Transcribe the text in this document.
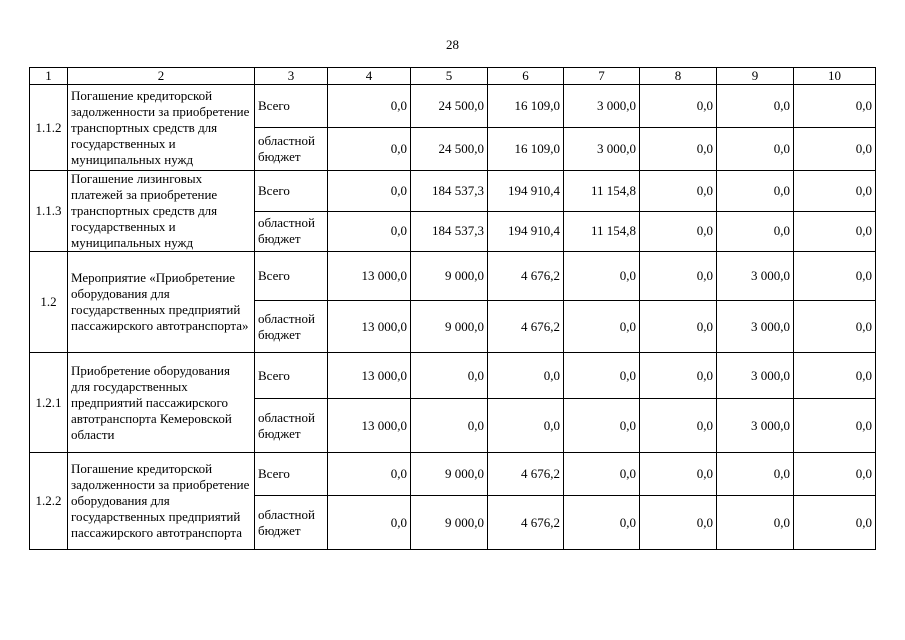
28
1	2	3	4	5	6	7	8	9	10
1.1.2	Погашение кредиторской задолженности за приобретение транспортных средств для государственных и муниципальных нужд	Всего	0,0	24 500,0	16 109,0	3 000,0	0,0	0,0	0,0
		областной бюджет	0,0	24 500,0	16 109,0	3 000,0	0,0	0,0	0,0
1.1.3	Погашение лизинговых платежей за приобретение транспортных средств для государственных и муниципальных нужд	Всего	0,0	184 537,3	194 910,4	11 154,8	0,0	0,0	0,0
		областной бюджет	0,0	184 537,3	194 910,4	11 154,8	0,0	0,0	0,0
1.2	Мероприятие «Приобретение оборудования для государственных предприятий пассажирского автотранспорта»	Всего	13 000,0	9 000,0	4 676,2	0,0	0,0	3 000,0	0,0
		областной бюджет	13 000,0	9 000,0	4 676,2	0,0	0,0	3 000,0	0,0
1.2.1	Приобретение оборудования для государственных предприятий пассажирского автотранспорта Кемеровской области	Всего	13 000,0	0,0	0,0	0,0	0,0	3 000,0	0,0
		областной бюджет	13 000,0	0,0	0,0	0,0	0,0	3 000,0	0,0
1.2.2	Погашение кредиторской задолженности за приобретение оборудования для государственных предприятий пассажирского автотранспорта	Всего	0,0	9 000,0	4 676,2	0,0	0,0	0,0	0,0
		областной бюджет	0,0	9 000,0	4 676,2	0,0	0,0	0,0	0,0
